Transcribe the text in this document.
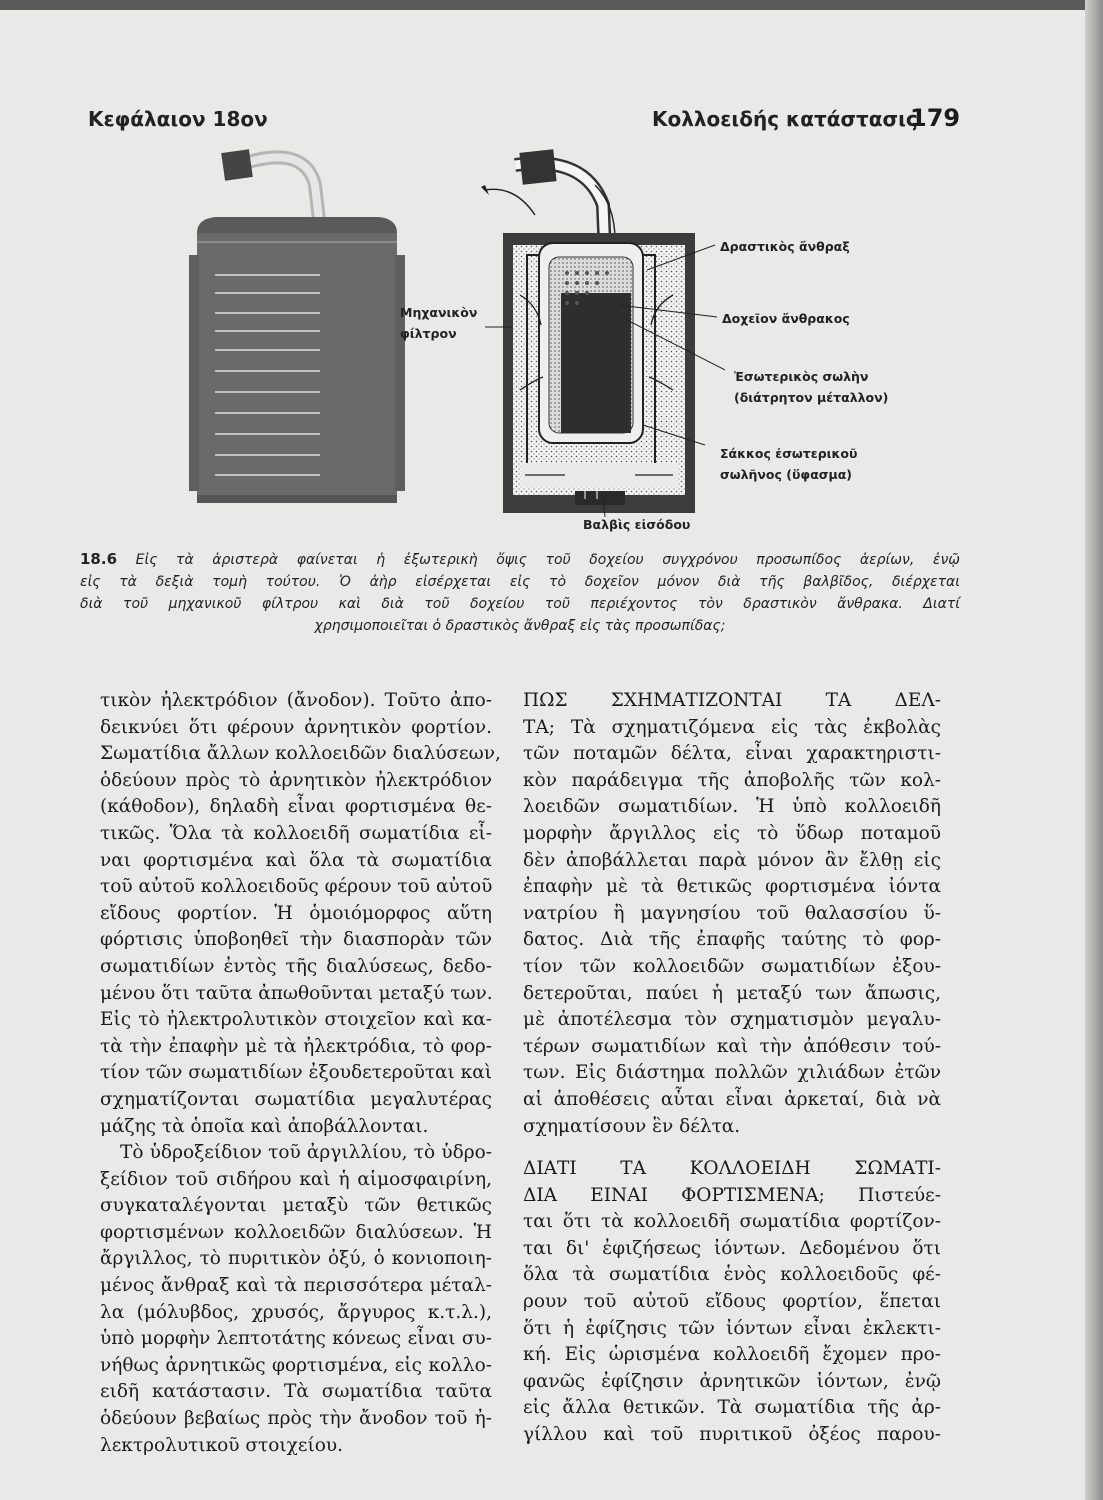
Κεφάλαιον 18ον	Κολλοειδής κατάστασις
179
Μηχανικὸν
φίλτρον
Δραστικὸς ἄνθραξ
Δοχεῖον ἄνθρακος
Ἐσωτερικὸς σωλὴν
(διάτρητον μέταλλον)
Σάκκος ἐσωτερικοῦ
σωλῆνος (ὕφασμα)
Βαλβὶς εἰσόδου

18.6 Εἰς τὰ ἀριστερὰ φαίνεται ἡ ἐξωτερικὴ ὄψις τοῦ δοχείου συγχρόνου προσωπίδος ἀερίων, ἐνῷ

εἰς τὰ δεξιὰ τομὴ τούτου. Ὁ ἀὴρ εἰσέρχεται εἰς τὸ δοχεῖον μόνον διὰ τῆς βαλβῖδος, διέρχεται

διὰ τοῦ μηχανικοῦ φίλτρου καὶ διὰ τοῦ δοχείου τοῦ περιέχοντος τὸν δραστικὸν ἄνθρακα. Διατί

χρησιμοποιεῖται ὁ δραστικὸς ἄνθραξ εἰς τὰς προσωπίδας;

τικὸν ἠλεκτρόδιον (ἄνοδον). Τοῦτο ἀπο-

δεικνύει ὅτι φέρουν ἀρνητικὸν φορτίον.

Σωματίδια ἄλλων κολλοειδῶν διαλύσεων,

ὁδεύουν πρὸς τὸ ἀρνητικὸν ἠλεκτρόδιον

(κάθοδον), δηλαδὴ εἶναι φορτισμένα θε-

τικῶς. Ὅλα τὰ κολλοειδῆ σωματίδια εἶ-

ναι φορτισμένα καὶ ὅλα τὰ σωματίδια

τοῦ αὐτοῦ κολλοειδοῦς φέρουν τοῦ αὐτοῦ

εἴδους φορτίον. Ἡ ὁμοιόμορφος αὕτη

φόρτισις ὑποβοηθεῖ τὴν διασπορὰν τῶν

σωματιδίων ἐντὸς τῆς διαλύσεως, δεδο-

μένου ὅτι ταῦτα ἀπωθοῦνται μεταξύ των.

Εἰς τὸ ἠλεκτρολυτικὸν στοιχεῖον καὶ κα-

τὰ τὴν ἐπαφὴν μὲ τὰ ἠλεκτρόδια, τὸ φορ-

τίον τῶν σωματιδίων ἐξουδετεροῦται καὶ

σχηματίζονται σωματίδια μεγαλυτέρας

μάζης τὰ ὁποῖα καὶ ἀποβάλλονται.

Τὸ ὑδροξείδιον τοῦ ἀργιλλίου, τὸ ὑδρο-

ξείδιον τοῦ σιδήρου καὶ ἡ αἱμοσφαιρίνη,

συγκαταλέγονται μεταξὺ τῶν θετικῶς

φορτισμένων κολλοειδῶν διαλύσεων. Ἡ

ἄργιλλος, τὸ πυριτικὸν ὀξύ, ὁ κονιοποιη-

μένος ἄνθραξ καὶ τὰ περισσότερα μέταλ-

λα (μόλυβδος, χρυσός, ἄργυρος κ.τ.λ.),

ὑπὸ μορφὴν λεπτοτάτης κόνεως εἶναι συ-

νήθως ἀρνητικῶς φορτισμένα, εἰς κολλο-

ειδῆ κατάστασιν. Τὰ σωματίδια ταῦτα

ὁδεύουν βεβαίως πρὸς τὴν ἄνοδον τοῦ ἠ-

λεκτρολυτικοῦ στοιχείου.

ΠΩΣ ΣΧΗΜΑΤΙΖΟΝΤΑΙ ΤΑ ΔΕΛ-

ΤΑ; Τὰ σχηματιζόμενα εἰς τὰς ἐκβολὰς

τῶν ποταμῶν δέλτα, εἶναι χαρακτηριστι-

κὸν παράδειγμα τῆς ἀποβολῆς τῶν κολ-

λοειδῶν σωματιδίων. Ἡ ὑπὸ κολλοειδῆ

μορφὴν ἄργιλλος εἰς τὸ ὕδωρ ποταμοῦ

δὲν ἀποβάλλεται παρὰ μόνον ἂν ἔλθῃ εἰς

ἐπαφὴν μὲ τὰ θετικῶς φορτισμένα ἰόντα

νατρίου ἢ μαγνησίου τοῦ θαλασσίου ὕ-

δατος. Διὰ τῆς ἐπαφῆς ταύτης τὸ φορ-

τίον τῶν κολλοειδῶν σωματιδίων ἐξου-

δετεροῦται, παύει ἡ μεταξύ των ἄπωσις,

μὲ ἀποτέλεσμα τὸν σχηματισμὸν μεγαλυ-

τέρων σωματιδίων καὶ τὴν ἀπόθεσιν τού-

των. Εἰς διάστημα πολλῶν χιλιάδων ἐτῶν

αἱ ἀποθέσεις αὗται εἶναι ἀρκεταί, διὰ νὰ

σχηματίσουν ἓν δέλτα.

ΔΙΑΤΙ ΤΑ ΚΟΛΛΟΕΙΔΗ ΣΩΜΑΤΙ-

ΔΙΑ ΕΙΝΑΙ ΦΟΡΤΙΣΜΕΝΑ; Πιστεύε-

ται ὅτι τὰ κολλοειδῆ σωματίδια φορτίζον-

ται δι' ἐφιζήσεως ἰόντων. Δεδομένου ὅτι

ὅλα τὰ σωματίδια ἑνὸς κολλοειδοῦς φέ-

ρουν τοῦ αὐτοῦ εἴδους φορτίον, ἕπεται

ὅτι ἡ ἐφίζησις τῶν ἰόντων εἶναι ἐκλεκτι-

κή. Εἰς ὡρισμένα κολλοειδῆ ἔχομεν προ-

φανῶς ἐφίζησιν ἀρνητικῶν ἰόντων, ἐνῷ

εἰς ἄλλα θετικῶν. Τὰ σωματίδια τῆς ἀρ-

γίλλου καὶ τοῦ πυριτικοῦ ὀξέος παρου-
